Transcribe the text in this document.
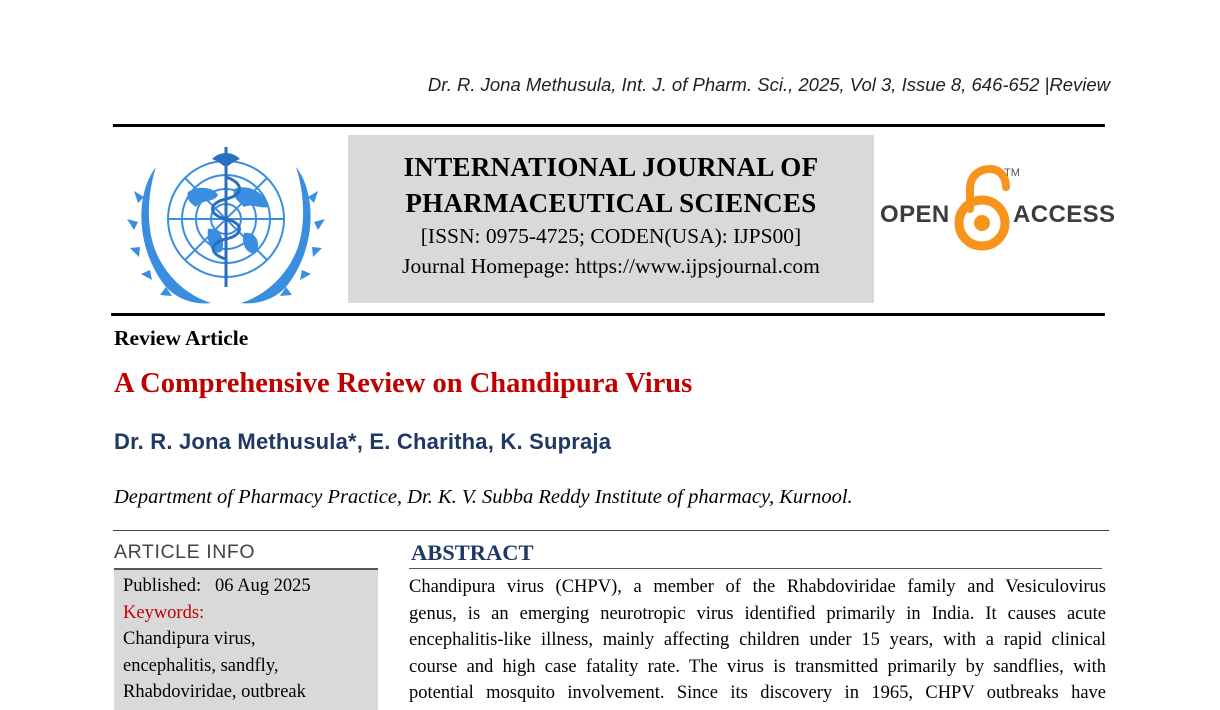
Dr. R. Jona Methusula, Int. J. of Pharm. Sci., 2025, Vol 3, Issue 8, 646-652 |Review
INTERNATIONAL JOURNAL OF
PHARMACEUTICAL SCIENCES
[ISSN: 0975-4725; CODEN(USA): IJPS00]
Journal Homepage: https://www.ijpsjournal.com
OPEN
TM
ACCESS
Review Article
A Comprehensive Review on Chandipura Virus
Dr. R. Jona Methusula*, E. Charitha, K. Supraja
Department of Pharmacy Practice, Dr. K. V. Subba Reddy Institute of pharmacy, Kurnool.
ARTICLE INFO
Published: 06 Aug 2025
Keywords:
Chandipura virus,
encephalitis, sandfly,
Rhabdoviridae, outbreak
ABSTRACT
Chandipura virus (CHPV), a member of the Rhabdoviridae family and Vesiculovirus
genus, is an emerging neurotropic virus identified primarily in India. It causes acute
encephalitis-like illness, mainly affecting children under 15 years, with a rapid clinical
course and high case fatality rate. The virus is transmitted primarily by sandflies, with
potential mosquito involvement. Since its discovery in 1965, CHPV outbreaks have
